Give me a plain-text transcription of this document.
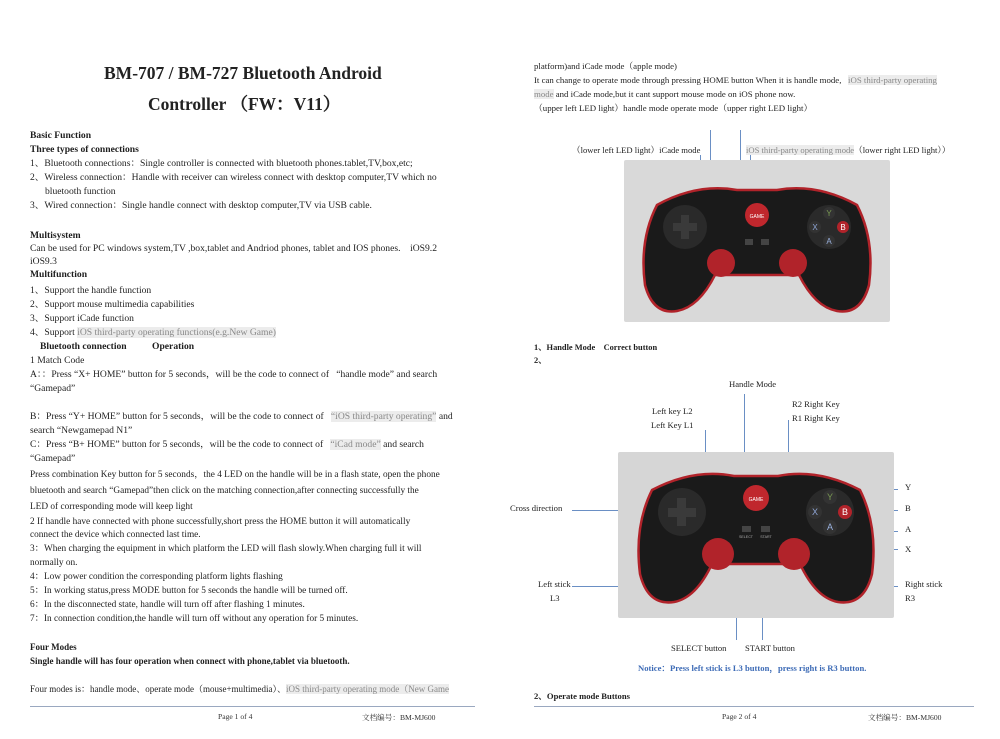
BM-707 / BM-727 Bluetooth Android
Controller （FW：V11）
Basic Function
Three types of connections
1、Bluetooth connections：Single controller is connected with bluetooth phones.tablet,TV,box,etc;
2、Wireless connection：Handle with receiver can wireless connect with desktop computer,TV which no
bluetooth function
3、Wired connection：Single handle connect with desktop computer,TV via USB cable.
Multisystem
Can be used for PC windows system,TV ,box,tablet and Andriod phones, tablet and IOS phones. iOS9.2
iOS9.3
Multifunction
1、Support the handle function
2、Support mouse multimedia capabilities
3、Support iCade function
4、Support iOS third-party operating functions(e.g.New Game)
Bluetooth connection	Operation
1 Match Code
A：：Press “X+ HOME” button for 5 seconds，will be the code to connect of “handle mode” and search
“Gamepad”
B：Press “Y+ HOME” button for 5 seconds，will be the code to connect of “iOS third-party operating” and
search “Newgamepad N1”
C：Press “B+ HOME” button for 5 seconds，will be the code to connect of “iCad mode” and search
“Gamepad”
Press combination Key button for 5 seconds，the 4 LED on the handle will be in a flash state, open the phone
bluetooth and search “Gamepad”then click on the matching connection,after connecting successfully the
LED of corresponding mode will keep light
2 If handle have connected with phone successfully,short press the HOME button it will automatically
connect the device which connected last time.
3：When charging the equipment in which platform the LED will flash slowly.When charging full it will
normally on.
4：Low power condition the corresponding platform lights flashing
5：In working status,press MODE button for 5 seconds the handle will be turned off.
6：In the disconnected state, handle will turn off after flashing 1 minutes.
7：In connection condition,the handle will turn off without any operation for 5 minutes.
Four Modes
Single handle will has four operation when connect with phone,tablet via bluetooth.
Four modes is：handle mode、operate mode（mouse+multimedia）、iOS third-party operating mode（New Game
Page 1 of 4	文档编号：BM-MJ600
platform)and iCade mode（apple mode)
It can change to operate mode through pressing HOME button When it is handle mode, iOS third-party operating
mode and iCade mode,but it cant support mouse mode on iOS phone now.
（upper left LED light）handle mode operate mode（upper right LED light）
（lower left LED light）iCade mode	iOS third-party operating mode（lower right LED light））
Y
X	B
A
GAME
1、Handle Mode Correct button
2、
Handle Mode
Left key L2
Left Key L1
R2 Right Key
R1 Right Key
Cross direction
Y
B
A
X
Left stick
L3
Right stick
R3
SELECT button START button
Y
X	B
A
GAME
SELECT START
Notice：Press left stick is L3 button，press right is R3 button.
2、Operate mode Buttons
Page 2 of 4	文档编号：BM-MJ600
